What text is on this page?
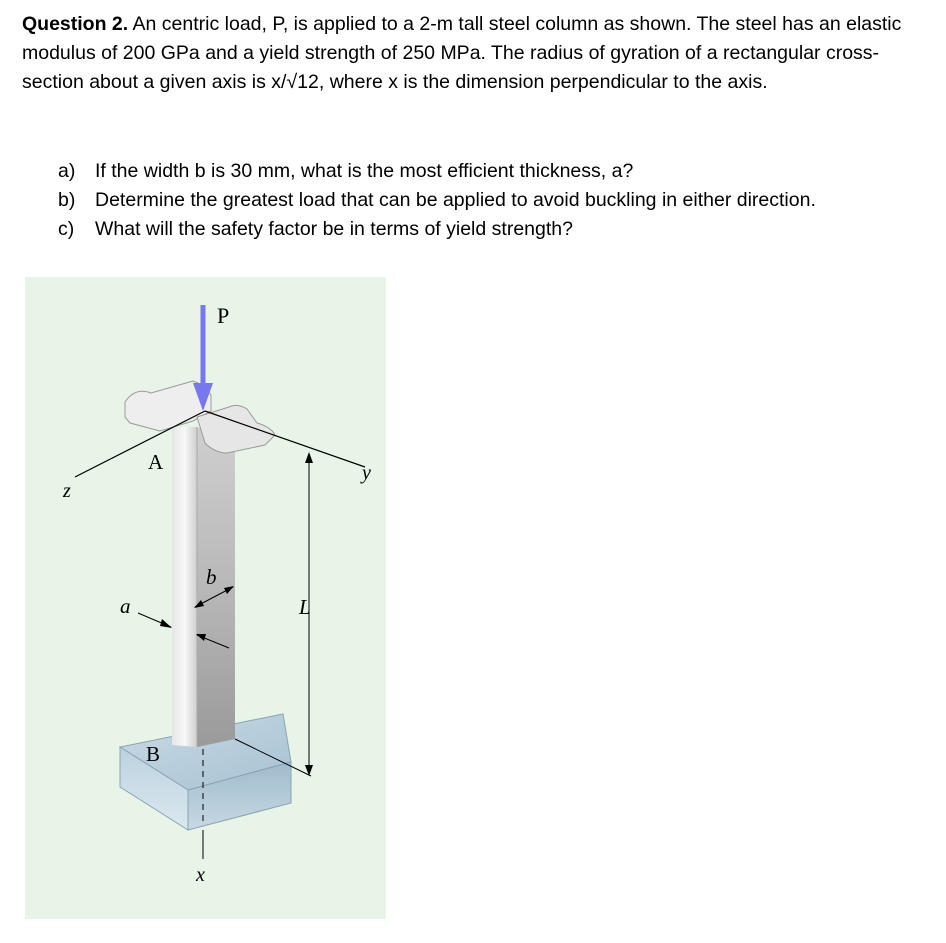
Question 2. An centric load, P, is applied to a 2-m tall steel column as shown. The steel has an elastic modulus of 200 GPa and a yield strength of 250 MPa. The radius of gyration of a rectangular cross- section about a given axis is x/√12, where x is the dimension perpendicular to the axis.
a) If the width b is 30 mm, what is the most efficient thickness, a?
b) Determine the greatest load that can be applied to avoid buckling in either direction.
c) What will the safety factor be in terms of yield strength?
P
A
B
z
y
x
a
b
L
